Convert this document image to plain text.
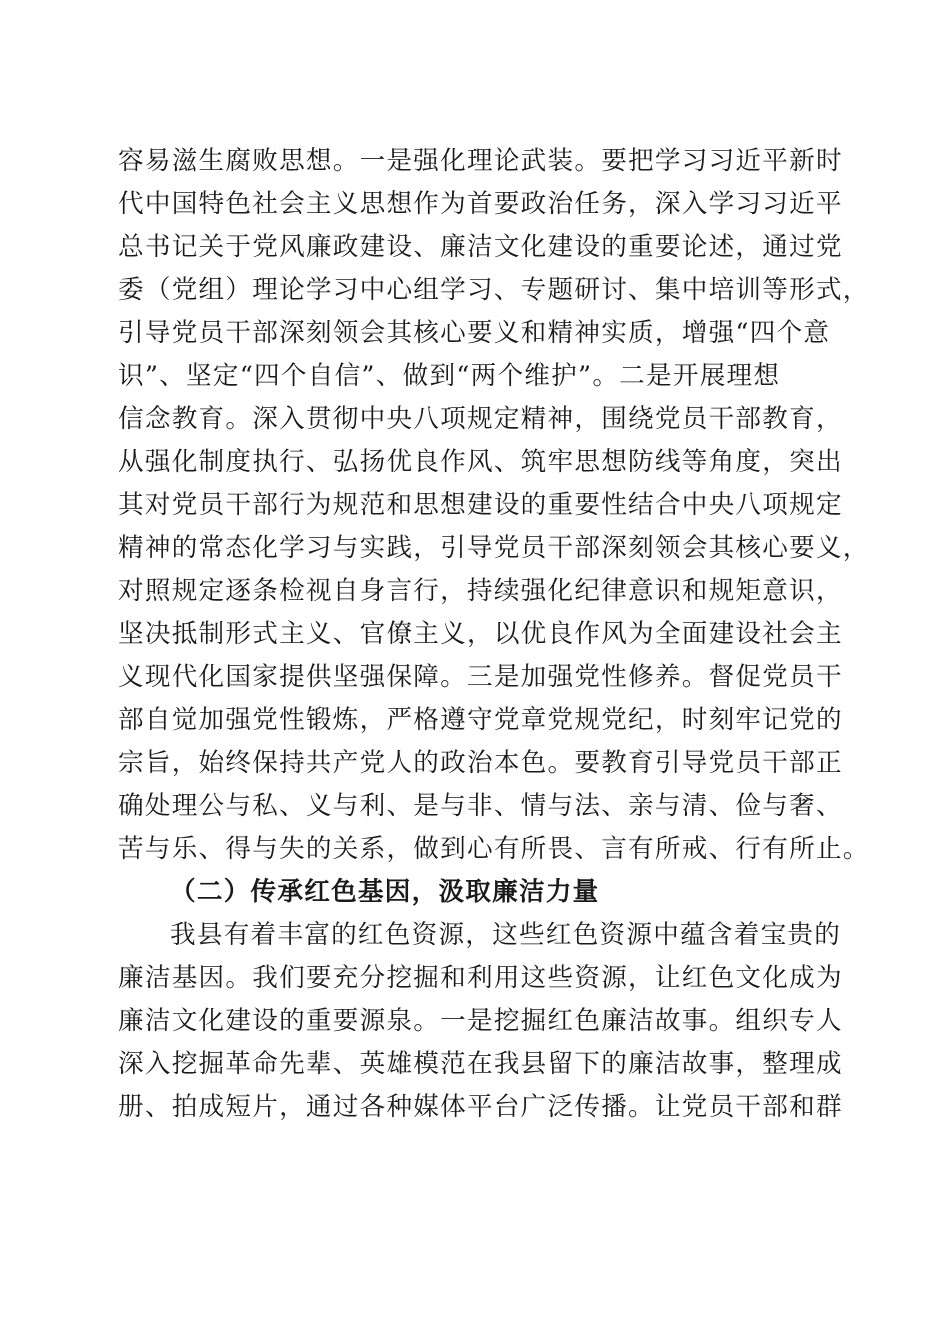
容易滋生腐败思想。一是强化理论武装。要把学习习近平新时
代中国特色社会主义思想作为首要政治任务，深入学习习近平
总书记关于党风廉政建设、廉洁文化建设的重要论述，通过党
委（党组）理论学习中心组学习、专题研讨、集中培训等形式，
引导党员干部深刻领会其核心要义和精神实质，增强“四个意
识”、坚定“四个自信”、做到“两个维护”。二是开展理想
信念教育。深入贯彻中央八项规定精神，围绕党员干部教育，
从强化制度执行、弘扬优良作风、筑牢思想防线等角度，突出
其对党员干部行为规范和思想建设的重要性结合中央八项规定
精神的常态化学习与实践，引导党员干部深刻领会其核心要义，
对照规定逐条检视自身言行，持续强化纪律意识和规矩意识，
坚决抵制形式主义、官僚主义，以优良作风为全面建设社会主
义现代化国家提供坚强保障。三是加强党性修养。督促党员干
部自觉加强党性锻炼，严格遵守党章党规党纪，时刻牢记党的
宗旨，始终保持共产党人的政治本色。要教育引导党员干部正
确处理公与私、义与利、是与非、情与法、亲与清、俭与奢、
苦与乐、得与失的关系，做到心有所畏、言有所戒、行有所止。
（二）传承红色基因，汲取廉洁力量
我县有着丰富的红色资源，这些红色资源中蕴含着宝贵的
廉洁基因。我们要充分挖掘和利用这些资源，让红色文化成为
廉洁文化建设的重要源泉。一是挖掘红色廉洁故事。组织专人
深入挖掘革命先辈、英雄模范在我县留下的廉洁故事，整理成
册、拍成短片，通过各种媒体平台广泛传播。让党员干部和群
